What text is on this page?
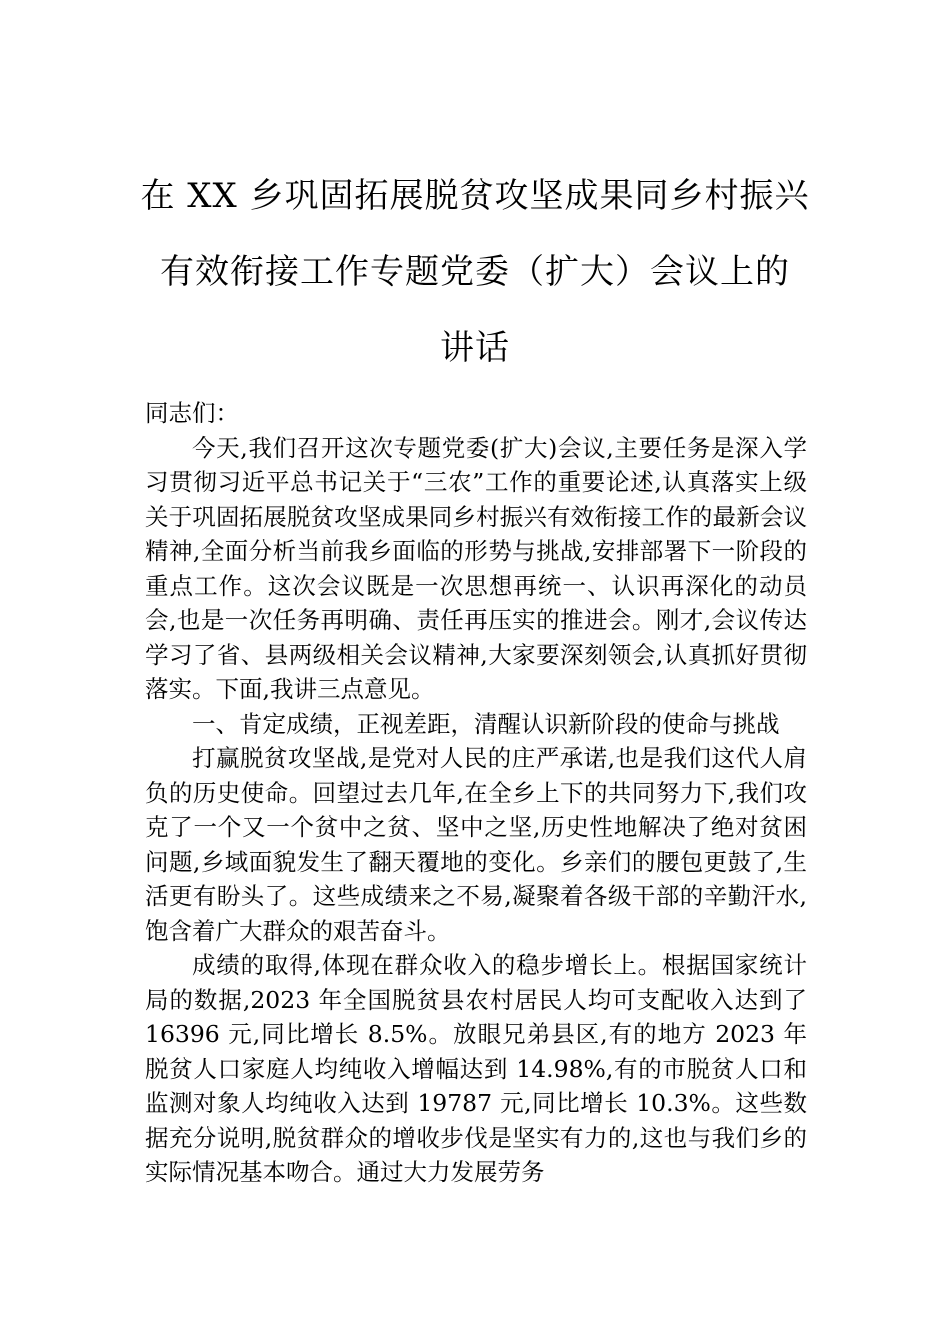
在 XX 乡巩固拓展脱贫攻坚成果同乡村振兴
有效衔接工作专题党委（扩大）会议上的
讲话

同志们：

今天,我们召开这次专题党委(扩大)会议,主要任务是深入学习贯彻习近平总书记关于“三农”工作的重要论述,认真落实上级关于巩固拓展脱贫攻坚成果同乡村振兴有效衔接工作的最新会议精神,全面分析当前我乡面临的形势与挑战,安排部署下一阶段的重点工作。这次会议既是一次思想再统一、认识再深化的动员会,也是一次任务再明确、责任再压实的推进会。刚才,会议传达学习了省、县两级相关会议精神,大家要深刻领会,认真抓好贯彻落实。下面,我讲三点意见。

一、肯定成绩，正视差距，清醒认识新阶段的使命与挑战

打赢脱贫攻坚战,是党对人民的庄严承诺,也是我们这代人肩负的历史使命。回望过去几年,在全乡上下的共同努力下,我们攻克了一个又一个贫中之贫、坚中之坚,历史性地解决了绝对贫困问题,乡域面貌发生了翻天覆地的变化。乡亲们的腰包更鼓了,生活更有盼头了。这些成绩来之不易,凝聚着各级干部的辛勤汗水,饱含着广大群众的艰苦奋斗。

成绩的取得,体现在群众收入的稳步增长上。根据国家统计局的数据,2023 年全国脱贫县农村居民人均可支配收入达到了 16396 元,同比增长 8.5%。放眼兄弟县区,有的地方 2023 年脱贫人口家庭人均纯收入增幅达到 14.98%,有的市脱贫人口和监测对象人均纯收入达到 19787 元,同比增长 10.3%。这些数据充分说明,脱贫群众的增收步伐是坚实有力的,这也与我们乡的实际情况基本吻合。通过大力发展劳务
